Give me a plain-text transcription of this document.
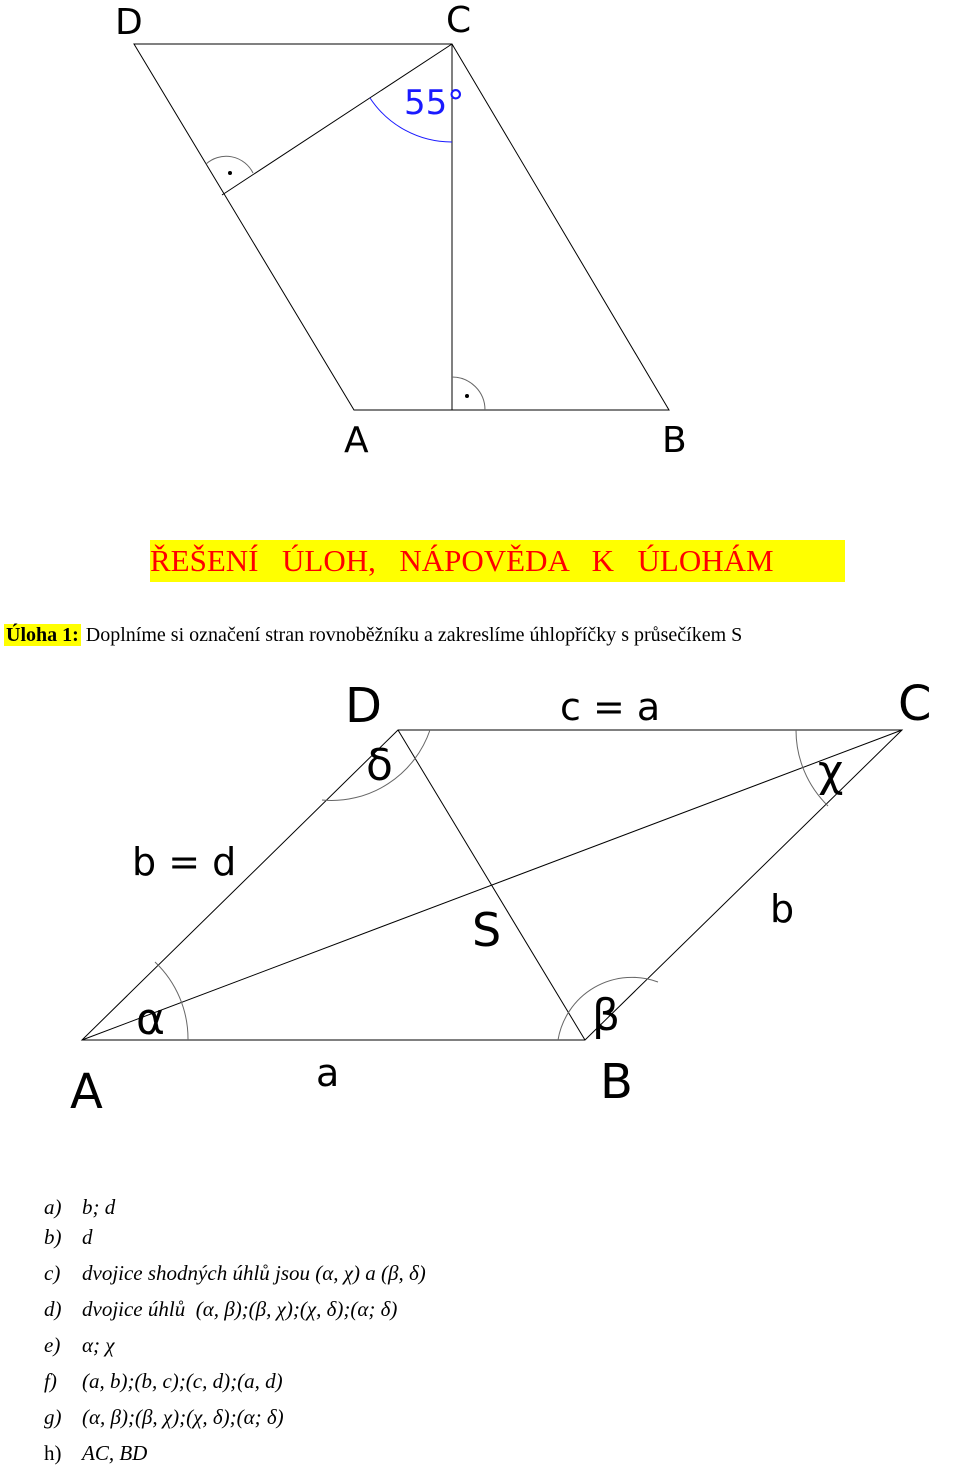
D	C
A	B
55°
ŘEŠENÍ  ÚLOH,  NÁPOVĚDA  K  ÚLOHÁM
Úloha 1: Doplníme si označení stran rovnoběžníku a zakreslíme úhlopříčky s průsečíkem S
D	C
A	B
S
c = a
b = d
a
b
α	β
χ
δ
a) b; d
b) d
c) dvojice shodných úhlů jsou (α, χ) a (β, δ)
d) dvojice úhlů  (α, β);(β, χ);(χ, δ);(α; δ)
e) α; χ
f) (a, b);(b, c);(c, d);(a, d)
g) (α, β);(β, χ);(χ, δ);(α; δ)
h) AC, BD
